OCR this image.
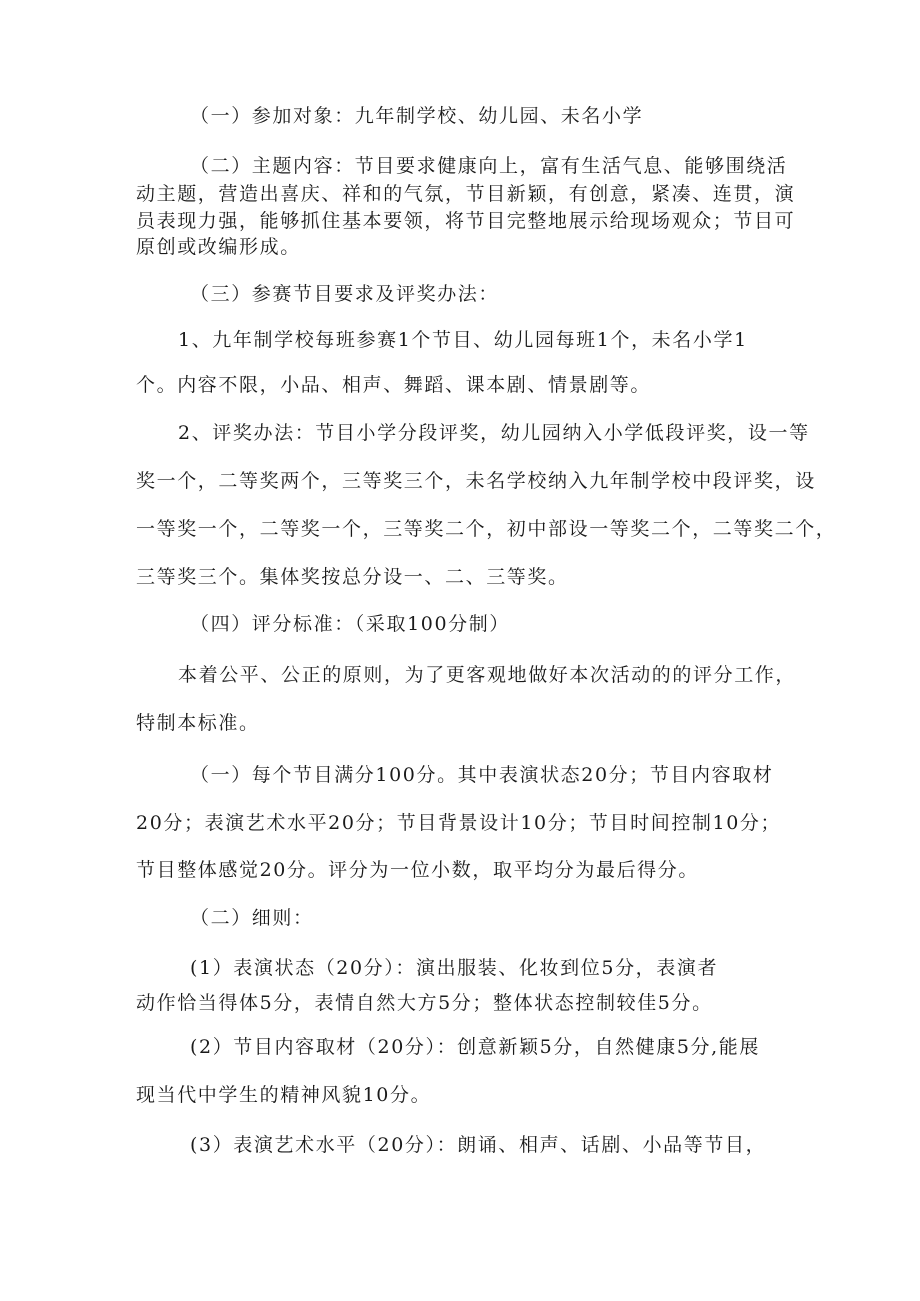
（一）参加对象：九年制学校、幼儿园、未名小学
（二）主题内容：节目要求健康向上，富有生活气息、能够围绕活
动主题，营造出喜庆、祥和的气氛，节目新颖，有创意，紧凑、连贯，演
员表现力强，能够抓住基本要领，将节目完整地展示给现场观众；节目可
原创或改编形成。
（三）参赛节目要求及评奖办法：
1、九年制学校每班参赛1个节目、幼儿园每班1个，未名小学1
个。内容不限，小品、相声、舞蹈、课本剧、情景剧等。
2、评奖办法：节目小学分段评奖，幼儿园纳入小学低段评奖，设一等
奖一个，二等奖两个，三等奖三个，未名学校纳入九年制学校中段评奖，设
一等奖一个，二等奖一个，三等奖二个，初中部设一等奖二个，二等奖二个，
三等奖三个。集体奖按总分设一、二、三等奖。
（四）评分标准：（采取100分制）
本着公平、公正的原则，为了更客观地做好本次活动的的评分工作，
特制本标准。
（一）每个节目满分100分。其中表演状态20分；节目内容取材
20分；表演艺术水平20分；节目背景设计10分；节目时间控制10分；
节目整体感觉20分。评分为一位小数，取平均分为最后得分。
（二）细则：
(1）表演状态（20分）：演出服装、化妆到位5分，表演者
动作恰当得体5分，表情自然大方5分；整体状态控制较佳5分。
(2）节目内容取材（20分）：创意新颖5分，自然健康5分,能展
现当代中学生的精神风貌10分。
(3）表演艺术水平（20分）：朗诵、相声、话剧、小品等节目，
